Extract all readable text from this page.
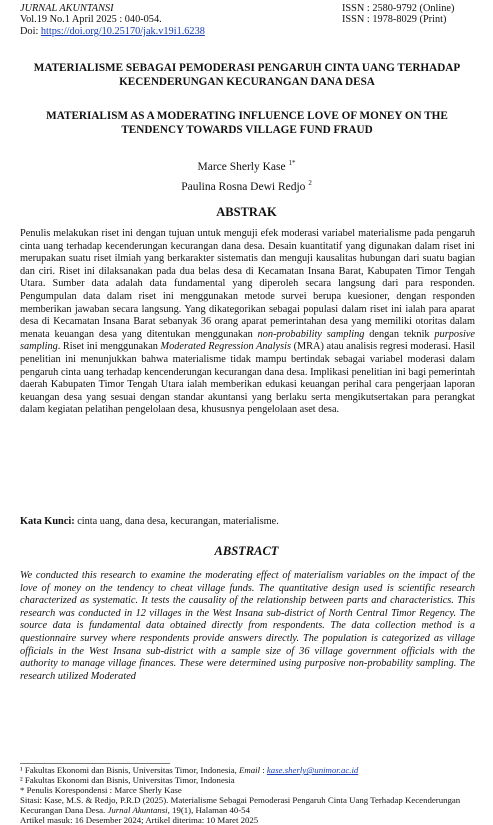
JURNAL AKUNTANSI
Vol.19 No.1 April 2025 : 040-054.
Doi: https://doi.org/10.25170/jak.v19i1.6238
ISSN : 2580-9792 (Online)
ISSN : 1978-8029 (Print)
MATERIALISME SEBAGAI PEMODERASI PENGARUH CINTA UANG TERHADAP KECENDERUNGAN KECURANGAN DANA DESA
MATERIALISM AS A MODERATING INFLUENCE LOVE OF MONEY ON THE TENDENCY TOWARDS VILLAGE FUND FRAUD
Marce Sherly Kase $^{1*}$
Paulina Rosna Dewi Redjo $^2$
ABSTRAK
Penulis melakukan riset ini dengan tujuan untuk menguji efek moderasi variabel materialisme pada pengaruh cinta uang terhadap kecenderungan kecurangan dana desa. Desain kuantitatif yang digunakan dalam riset ini merupakan suatu riset ilmiah yang berkarakter sistematis dan menguji kausalitas hubungan dari suatu bagian dan ciri. Riset ini dilaksanakan pada dua belas desa di Kecamatan Insana Barat, Kabupaten Timor Tengah Utara. Sumber data adalah data fundamental yang diperoleh secara langsung dari para responden. Pengumpulan data dalam riset ini menggunakan metode survei berupa kuesioner, dengan responden memberikan jawaban secara langsung. Yang dikategorikan sebagai populasi dalam riset ini ialah para aparat desa di Kecamatan Insana Barat sebanyak 36 orang aparat pemerintahan desa yang memiliki otoritas dalam menata keuangan desa yang ditentukan menggunakan non-probability sampling dengan teknik purposive sampling. Riset ini menggunakan Moderated Regression Analysis (MRA) atau analisis regresi moderasi. Hasil penelitian ini menunjukkan bahwa materialisme tidak mampu bertindak sebagai variabel moderasi dalam pengaruh cinta uang terhadap kencenderungan kecurangan dana desa. Implikasi penelitian ini bagi pemerintah daerah Kabupaten Timor Tengah Utara ialah memberikan edukasi keuangan perihal cara pengerjaan laporan keuangan desa yang sesuai dengan standar akuntansi yang berlaku serta mengikutsertakan para perangkat dalam kegiatan pelatihan pengelolaan desa, khususnya pengelolaan aset desa.
Kata Kunci: cinta uang, dana desa, kecurangan, materialisme.
ABSTRACT
We conducted this research to examine the moderating effect of materialism variables on the impact of the love of money on the tendency to cheat village funds. The quantitative design used is scientific research characterized as systematic. It tests the causality of the relationship between parts and characteristics. This research was conducted in 12 villages in the West Insana sub-district of North Central Timor Regency. The source data is fundamental data obtained directly from respondents. The data collection method is a questionnaire survey where respondents provide answers directly. The population is categorized as village officials in the West Insana sub-district with a sample size of 36 village government officials with the authority to manage village finances. These were determined using purposive non-probability sampling. The research utilized Moderated
¹ Fakultas Ekonomi dan Bisnis, Universitas Timor, Indonesia, Email : kase.sherly@unimor.ac.id
² Fakultas Ekonomi dan Bisnis, Universitas Timor, Indonesia
* Penulis Korespondensi : Marce Sherly Kase
Sitasi: Kase, M.S. & Redjo, P.R.D (2025). Materialisme Sebagai Pemoderasi Pengaruh Cinta Uang Terhadap Kecenderungan Kecurangan Dana Desa. Jurnal Akuntansi, 19(1), Halaman 40-54
Artikel masuk: 16 Desember 2024; Artikel diterima: 10 Maret 2025
